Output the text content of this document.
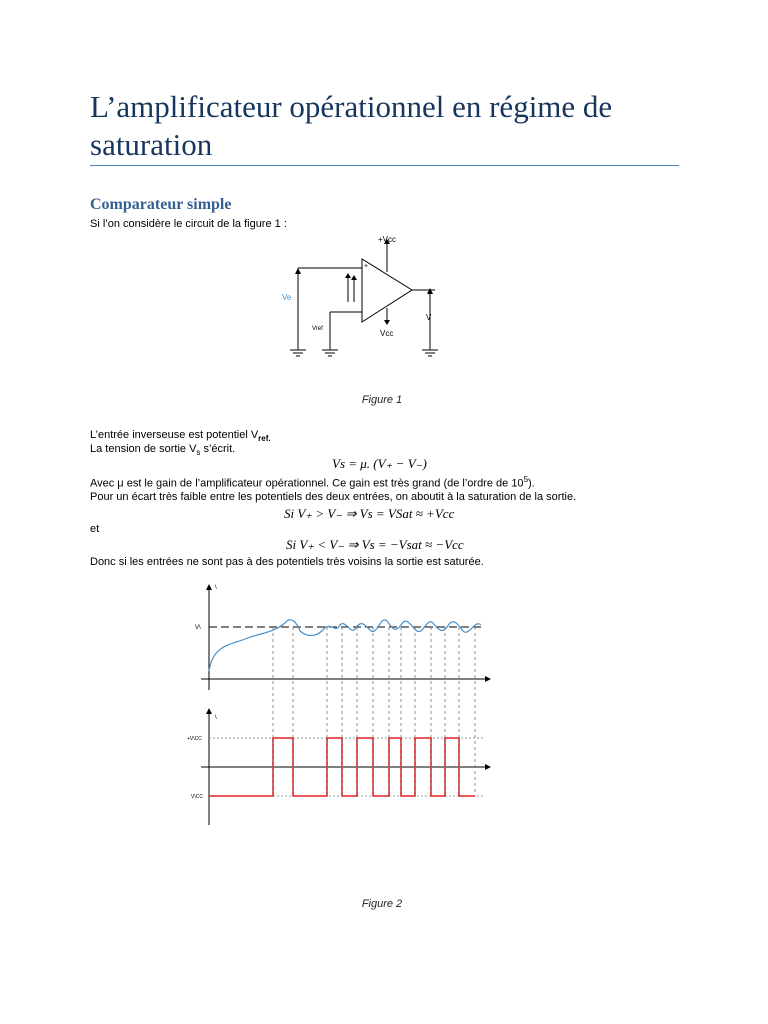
L’amplificateur opérationnel en régime de saturation
Comparateur simple

Si l’on considère le circuit de la figure 1 :

+Vcc
Vcc
+
Ve
Vref
V
Figure 1

L’entrée inverseuse est potentiel $V_{ref.}$

La tension de sortie $V_s$ s’écrit.

Vs = μ. (V₊ − V₋)

Avec μ est le gain de l’amplificateur opérationnel. Ce gain est très grand (de l’ordre de $10^5$).

Pour un écart très faible entre les potentiels des deux entrées, on aboutit à la saturation de la sortie.

Si V₊ > V₋ ⇒ Vs = VSat ≈ +Vcc

et

Si V₊ < V₋ ⇒ Vs = −Vsat ≈ −Vcc

Donc si les entrées ne sont pas à des potentiels très voisins la sortie est saturée.

\
V\
\
+V\CC
V\CC
Figure 2
